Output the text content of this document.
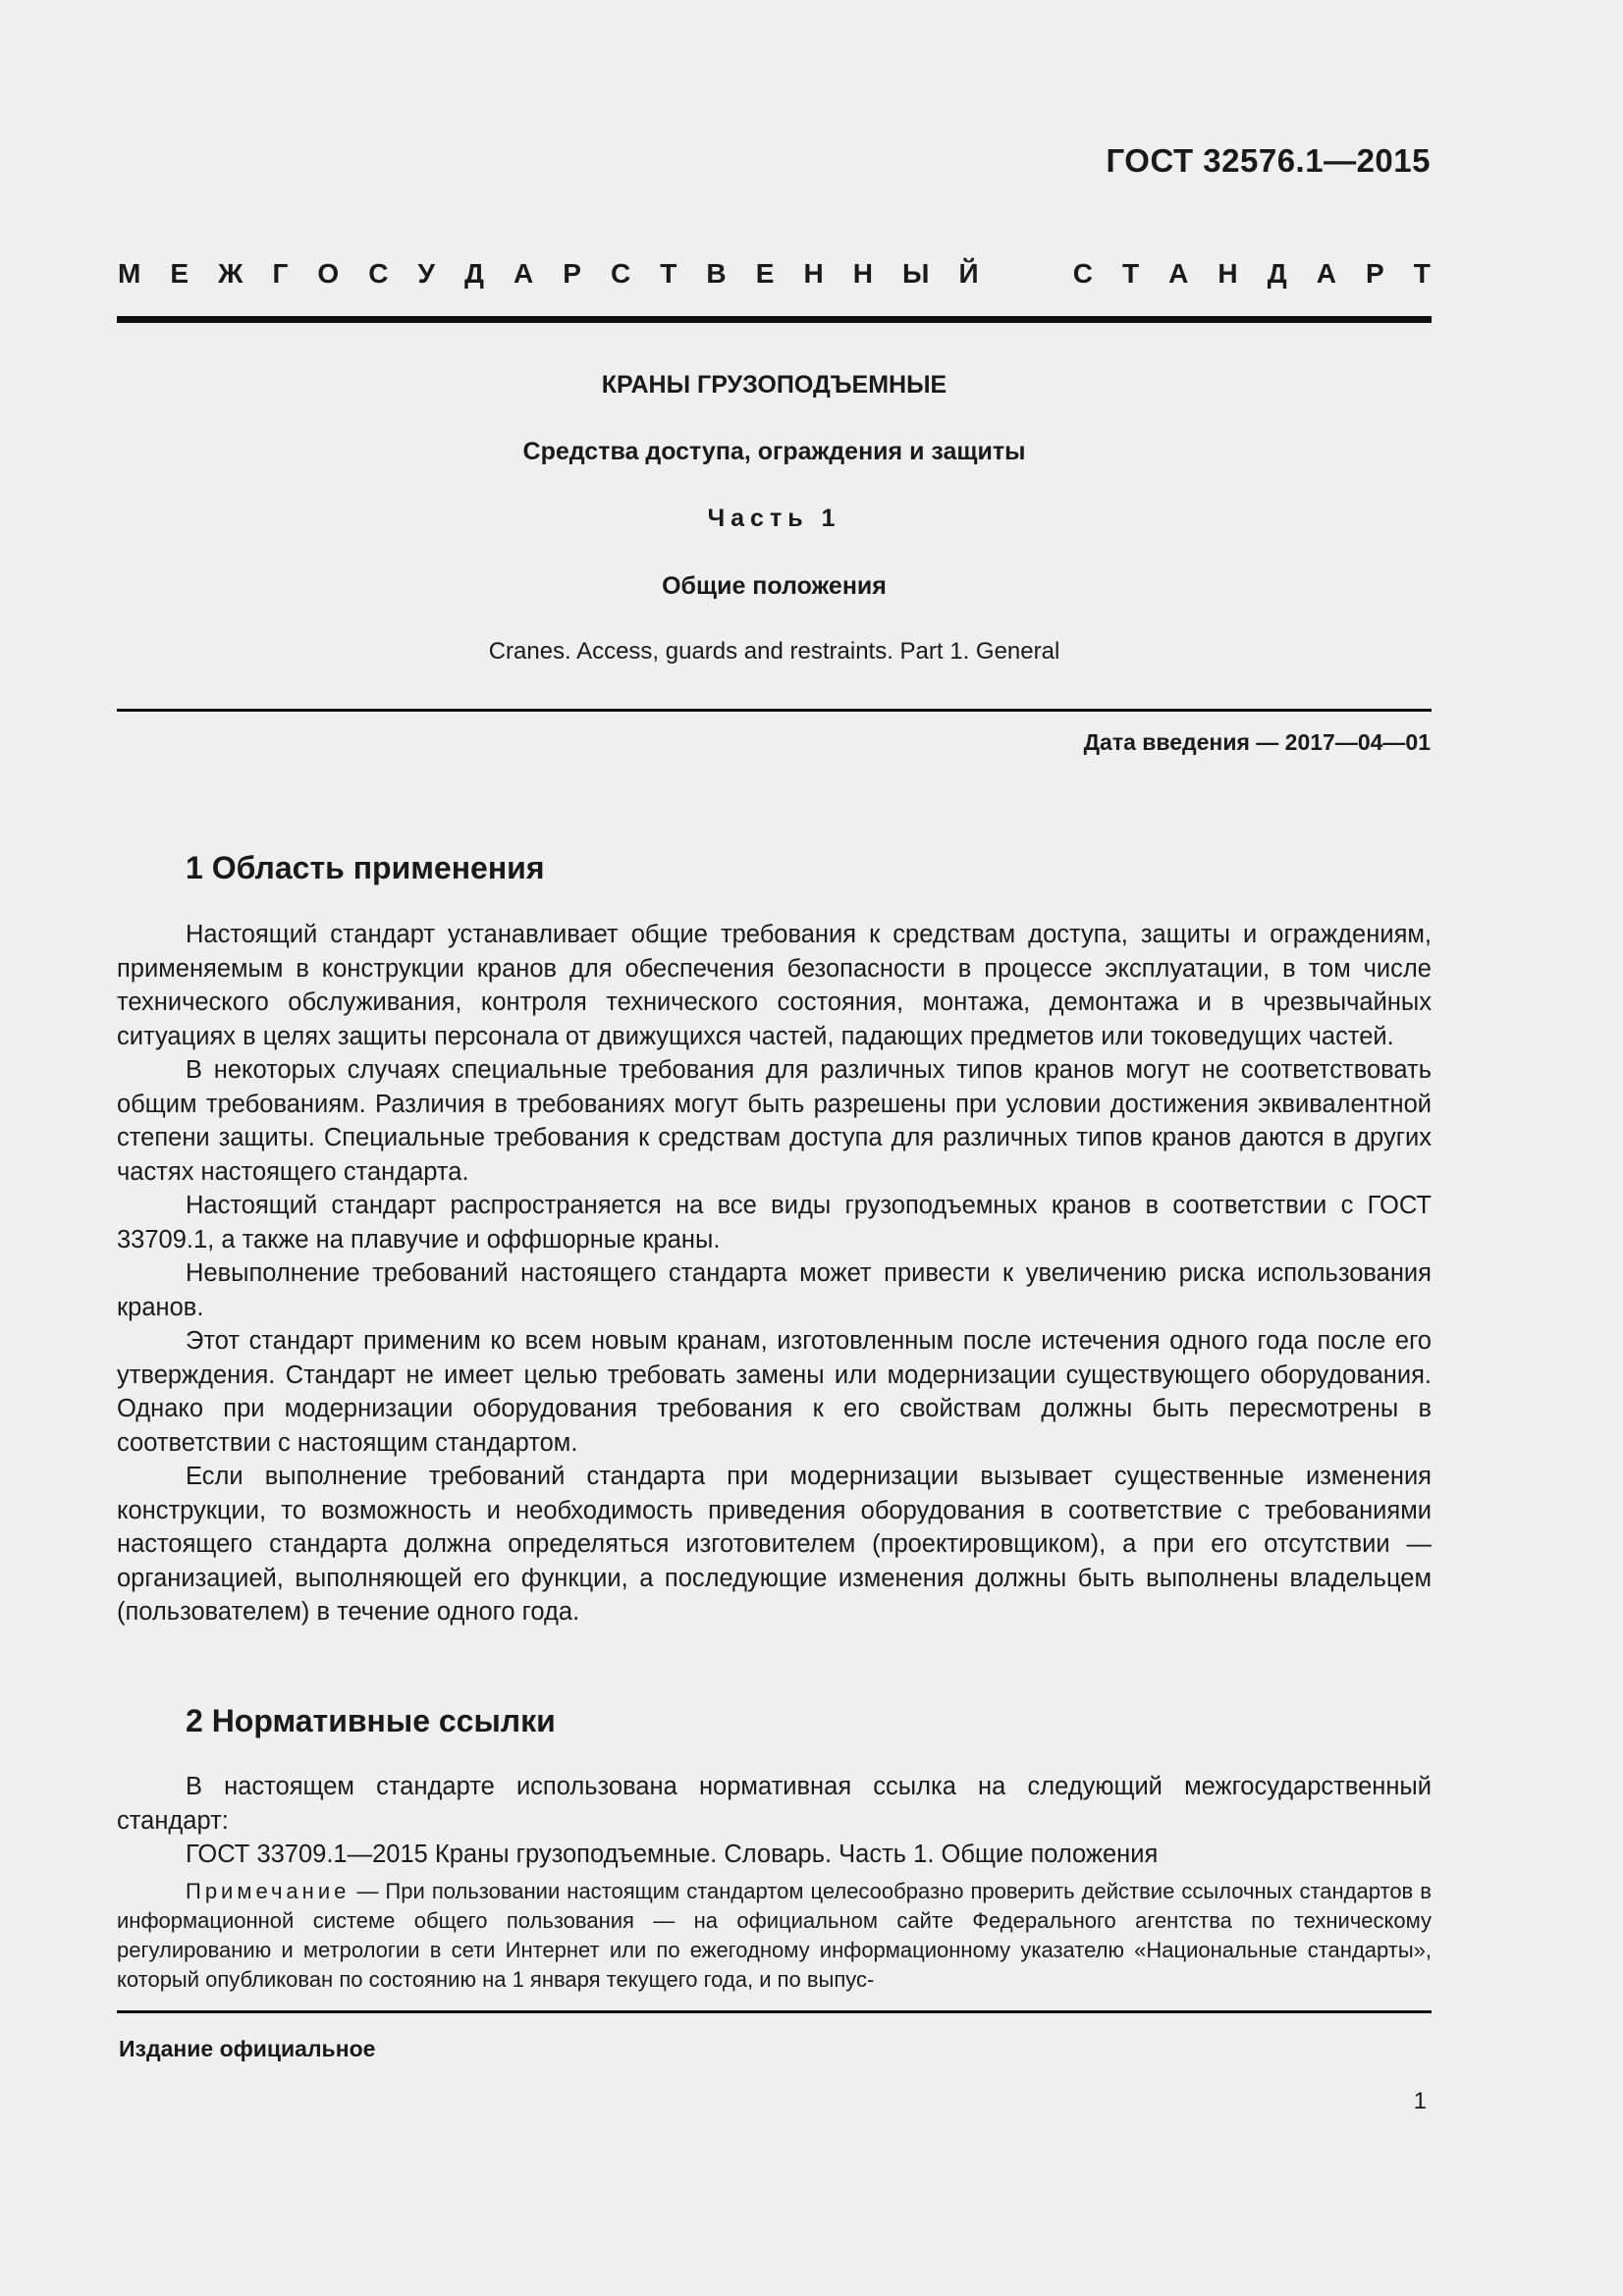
ГОСТ 32576.1—2015
М Е Ж Г О С У Д А Р С Т В Е Н Н Ы Й	С Т А Н Д А Р Т
КРАНЫ ГРУЗОПОДЪЕМНЫЕ
Средства доступа, ограждения и защиты
Часть 1
Общие положения
Cranes. Access, guards and restraints. Part 1. General
Дата введения — 2017—04—01
1 Область применения

Настоящий стандарт устанавливает общие требования к средствам доступа, защиты и ограждениям, применяемым в конструкции кранов для обеспечения безопасности в процессе эксплуатации, в том числе технического обслуживания, контроля технического состояния, монтажа, демонтажа и в чрезвычайных ситуациях в целях защиты персонала от движущихся частей, падающих предметов или токоведущих частей.

В некоторых случаях специальные требования для различных типов кранов могут не соответствовать общим требованиям. Различия в требованиях могут быть разрешены при условии достижения эквивалентной степени защиты. Специальные требования к средствам доступа для различных типов кранов даются в других частях настоящего стандарта.

Настоящий стандарт распространяется на все виды грузоподъемных кранов в соответствии с ГОСТ 33709.1, а также на плавучие и оффшорные краны.

Невыполнение требований настоящего стандарта может привести к увеличению риска использования кранов.

Этот стандарт применим ко всем новым кранам, изготовленным после истечения одного года после его утверждения. Стандарт не имеет целью требовать замены или модернизации существующего оборудования. Однако при модернизации оборудования требования к его свойствам должны быть пересмотрены в соответствии с настоящим стандартом.

Если выполнение требований стандарта при модернизации вызывает существенные изменения конструкции, то возможность и необходимость приведения оборудования в соответствие с требованиями настоящего стандарта должна определяться изготовителем (проектировщиком), а при его отсутствии — организацией, выполняющей его функции, а последующие изменения должны быть выполнены владельцем (пользователем) в течение одного года.

2 Нормативные ссылки

В настоящем стандарте использована нормативная ссылка на следующий межгосударственный стандарт:

ГОСТ 33709.1—2015 Краны грузоподъемные. Словарь. Часть 1. Общие положения

Примечание — При пользовании настоящим стандартом целесообразно проверить действие ссылочных стандартов в информационной системе общего пользования — на официальном сайте Федерального агентства по техническому регулированию и метрологии в сети Интернет или по ежегодному информационному указателю «Национальные стандарты», который опубликован по состоянию на 1 января текущего года, и по выпус-
Издание официальное
1
